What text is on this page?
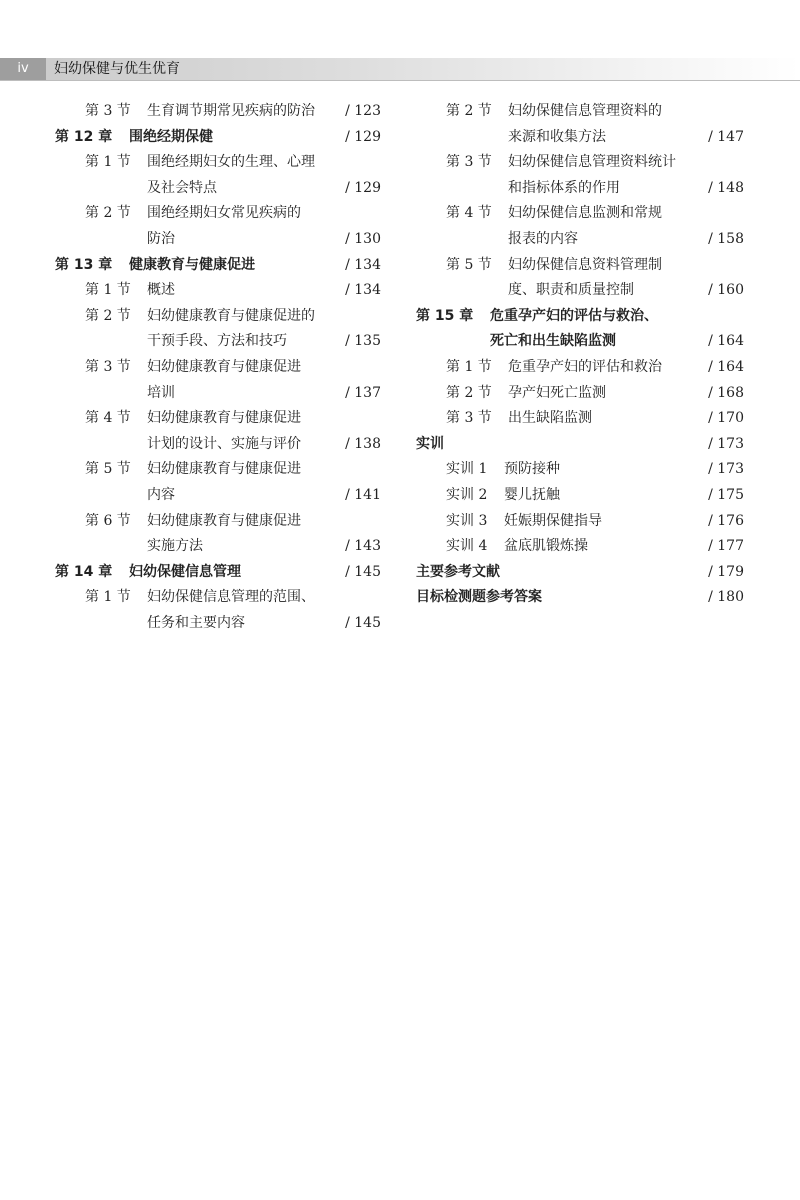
iv	妇幼保健与优生优育
第 3 节 生育调节期常见疾病的防治 / 123
第 12 章 围绝经期保健	/ 129
第 1 节 围绝经期妇女的生理、心理
及社会特点	/ 129
第 2 节 围绝经期妇女常见疾病的
防治	/ 130
第 13 章 健康教育与健康促进	/ 134
第 1 节 概述	/ 134
第 2 节 妇幼健康教育与健康促进的
干预手段、方法和技巧	/ 135
第 3 节 妇幼健康教育与健康促进
培训	/ 137
第 4 节 妇幼健康教育与健康促进
计划的设计、实施与评价	/ 138
第 5 节 妇幼健康教育与健康促进
内容	/ 141
第 6 节 妇幼健康教育与健康促进
实施方法	/ 143
第 14 章 妇幼保健信息管理	/ 145
第 1 节 妇幼保健信息管理的范围、
任务和主要内容	/ 145
第 2 节 妇幼保健信息管理资料的
来源和收集方法	/ 147
第 3 节 妇幼保健信息管理资料统计
和指标体系的作用	/ 148
第 4 节 妇幼保健信息监测和常规
报表的内容	/ 158
第 5 节 妇幼保健信息资料管理制
度、职责和质量控制	/ 160
第 15 章 危重孕产妇的评估与救治、
死亡和出生缺陷监测	/ 164
第 1 节 危重孕产妇的评估和救治	/ 164
第 2 节 孕产妇死亡监测	/ 168
第 3 节 出生缺陷监测	/ 170
实训	/ 173
实训 1 预防接种	/ 173
实训 2 婴儿抚触	/ 175
实训 3 妊娠期保健指导	/ 176
实训 4 盆底肌锻炼操	/ 177
主要参考文献	/ 179
目标检测题参考答案	/ 180
